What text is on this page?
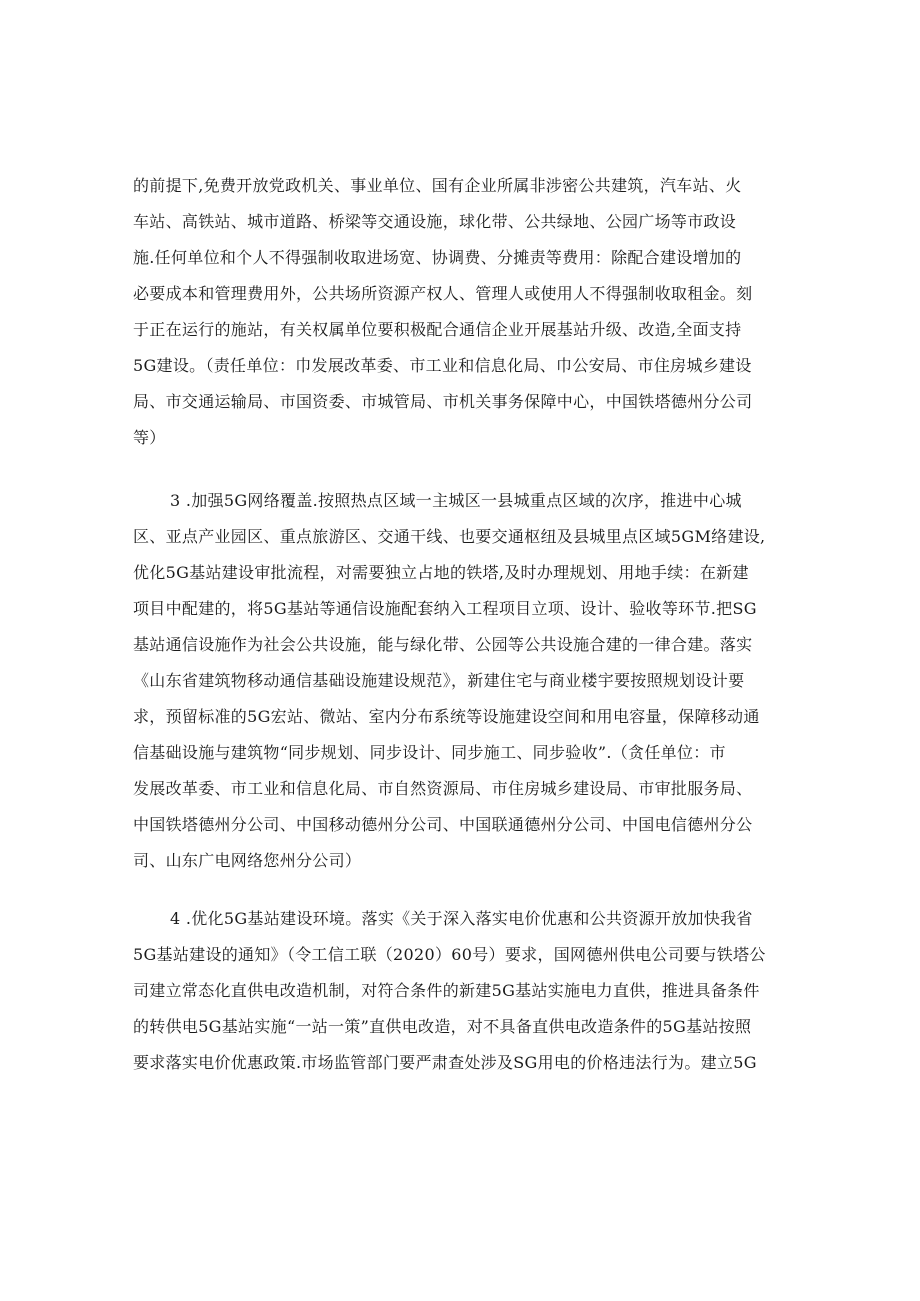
的前提下,免费开放党政机关、事业单位、国有企业所属非涉密公共建筑，汽车站、火
车站、高铁站、城市道路、桥梁等交通设施，球化带、公共绿地、公园广场等市政设
施.任何单位和个人不得强制收取进场宽、协调费、分摊责等费用：除配合建设增加的
必要成本和管理费用外，公共场所资源产权人、管理人或使用人不得强制收取租金。刻
于正在运行的施站，有关权属单位要积极配合通信企业开展基站升级、改造,全面支持
5G建设。（责任单位：巾发展改革委、市工业和信息化局、巾公安局、市住房城乡建设
局、市交通运输局、市国资委、市城管局、市机关事务保障中心，中国铁塔德州分公司
等）
3 .加强5G网络覆盖.按照热点区域一主城区一县城重点区域的次序，推进中心城
区、亚点产业园区、重点旅游区、交通干线、也要交通枢纽及县城里点区域5GM络建设,
优化5G基站建设审批流程，对需要独立占地的铁塔,及时办理规划、用地手续：在新建
项目中配建的，将5G基站等通信设施配套纳入工程项目立项、设计、验收等环节.把SG
基站通信设施作为社会公共设施，能与绿化带、公园等公共设施合建的一律合建。落实
《山东省建筑物移动通信基础设施建设规范》，新建住宅与商业楼宇要按照规划设计要
求，预留标准的5G宏站、微站、室内分布系统等设施建设空间和用电容量，保障移动通
信基础设施与建筑物“同步规划、同步设计、同步施工、同步验收”.（贪任单位：市
发展改革委、市工业和信息化局、市自然资源局、市住房城乡建设局、市审批服务局、
中国铁塔德州分公司、中国移动德州分公司、中国联通德州分公司、中国电信德州分公
司、山东广电网络您州分公司）
4 .优化5G基站建设环境。落实《关于深入落实电价优惠和公共资源开放加快我省
5G基站建设的通知》（令工信工联（2020）60号）要求，国网德州供电公司要与铁塔公
司建立常态化直供电改造机制，对符合条件的新建5G基站实施电力直供，推进具备条件
的转供电5G基站实施“一站一策”直供电改造，对不具备直供电改造条件的5G基站按照
要求落实电价优惠政策.市场监管部门要严肃查处涉及SG用电的价格违法行为。建立5G
